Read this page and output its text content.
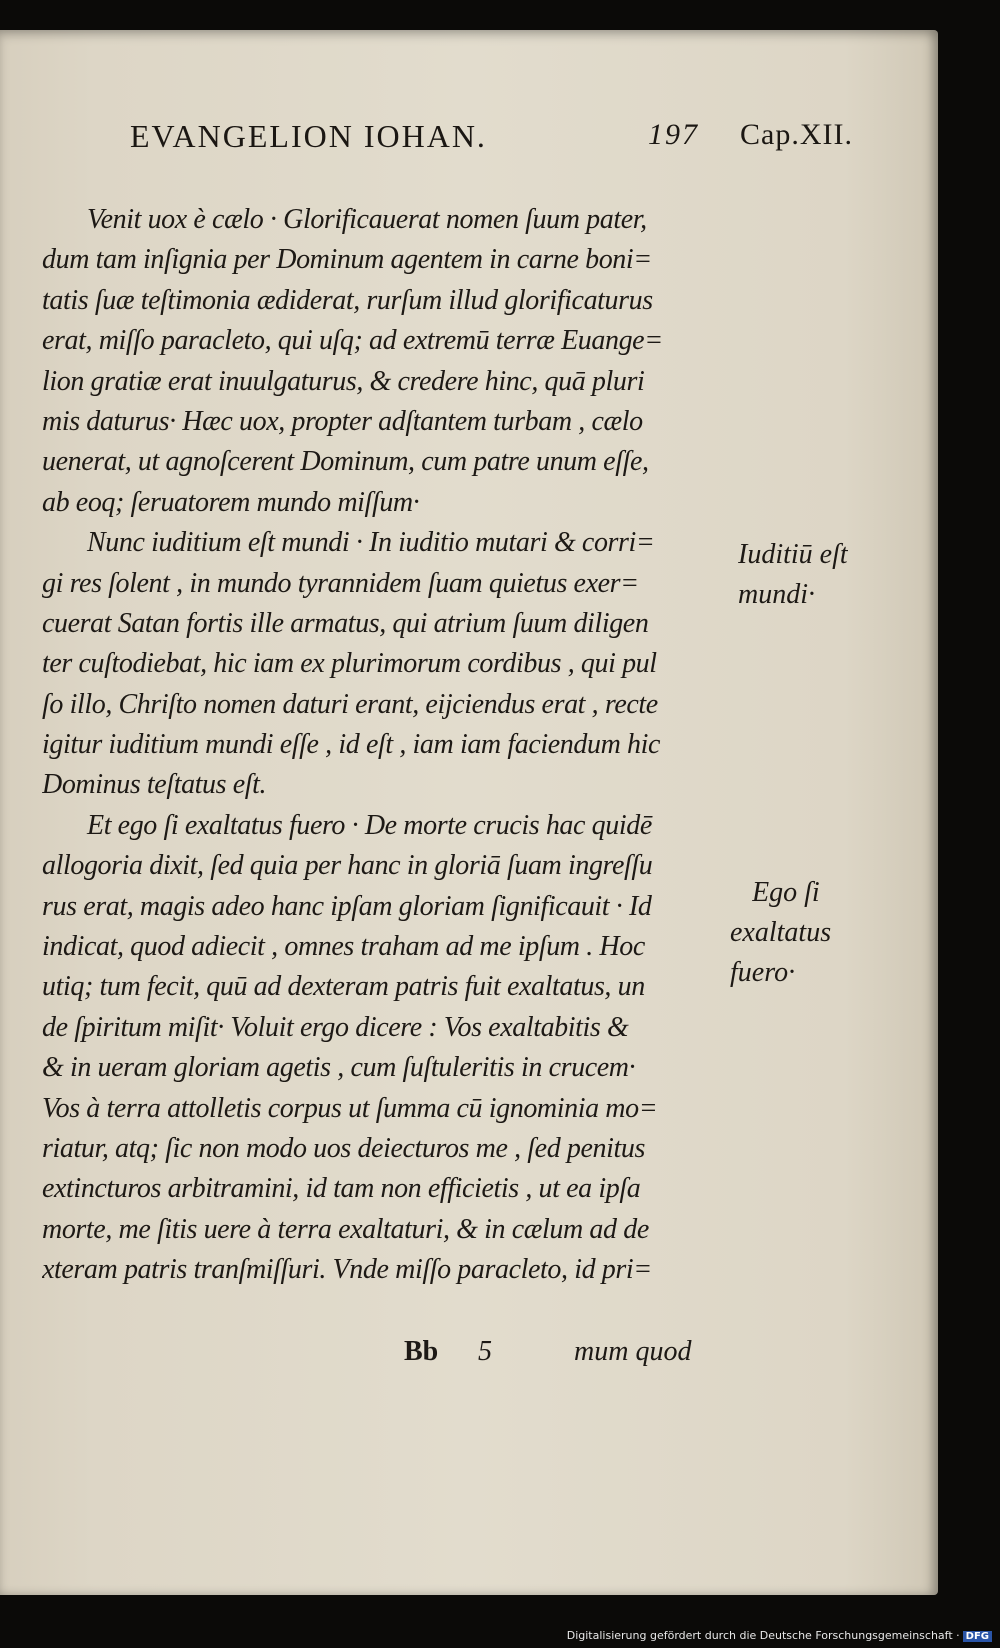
EVANGELION IOHAN.	197 Cap.XII.
Venit uox è cælo · Glorificauerat nomen ſuum pater,
dum tam inſignia per Dominum agentem in carne boni=
tatis ſuæ teſtimonia ædiderat, rurſum illud glorificaturus
erat, miſſo paracleto, qui uſq; ad extremū terræ Euange=
lion gratiæ erat inuulgaturus, & credere hinc, quā pluri
mis daturus· Hæc uox, propter adſtantem turbam , cælo
uenerat, ut agnoſcerent Dominum, cum patre unum eſſe,
ab eoq; ſeruatorem mundo miſſum·
Nunc iuditium eſt mundi · In iuditio mutari & corri=
gi res ſolent , in mundo tyrannidem ſuam quietus exer=
cuerat Satan fortis ille armatus, qui atrium ſuum diligen
ter cuſtodiebat, hic iam ex plurimorum cordibus , qui pul
ſo illo, Chriſto nomen daturi erant, eijciendus erat , recte
igitur iuditium mundi eſſe , id eſt , iam iam faciendum hic
Dominus teſtatus eſt.
Et ego ſi exaltatus fuero · De morte crucis hac quidē
allogoria dixit, ſed quia per hanc in gloriā ſuam ingreſſu
rus erat, magis adeo hanc ipſam gloriam ſignificauit · Id
indicat, quod adiecit , omnes traham ad me ipſum . Hoc
utiq; tum fecit, quū ad dexteram patris fuit exaltatus, un
de ſpiritum miſit· Voluit ergo dicere : Vos exaltabitis &
& in ueram gloriam agetis , cum ſuſtuleritis in crucem·
Vos à terra attolletis corpus ut ſumma cū ignominia mo=
riatur, atq; ſic non modo uos deiecturos me , ſed penitus
extincturos arbitramini, id tam non efficietis , ut ea ipſa
morte, me ſitis uere à terra exaltaturi, & in cælum ad de
xteram patris tranſmiſſuri. Vnde miſſo paracleto, id pri=
Iuditiū eſt
mundi·
Ego ſi
exaltatus
fuero·
Bb 5	mum quod
Digitalisierung gefördert durch die Deutsche Forschungsgemeinschaft · DFG
